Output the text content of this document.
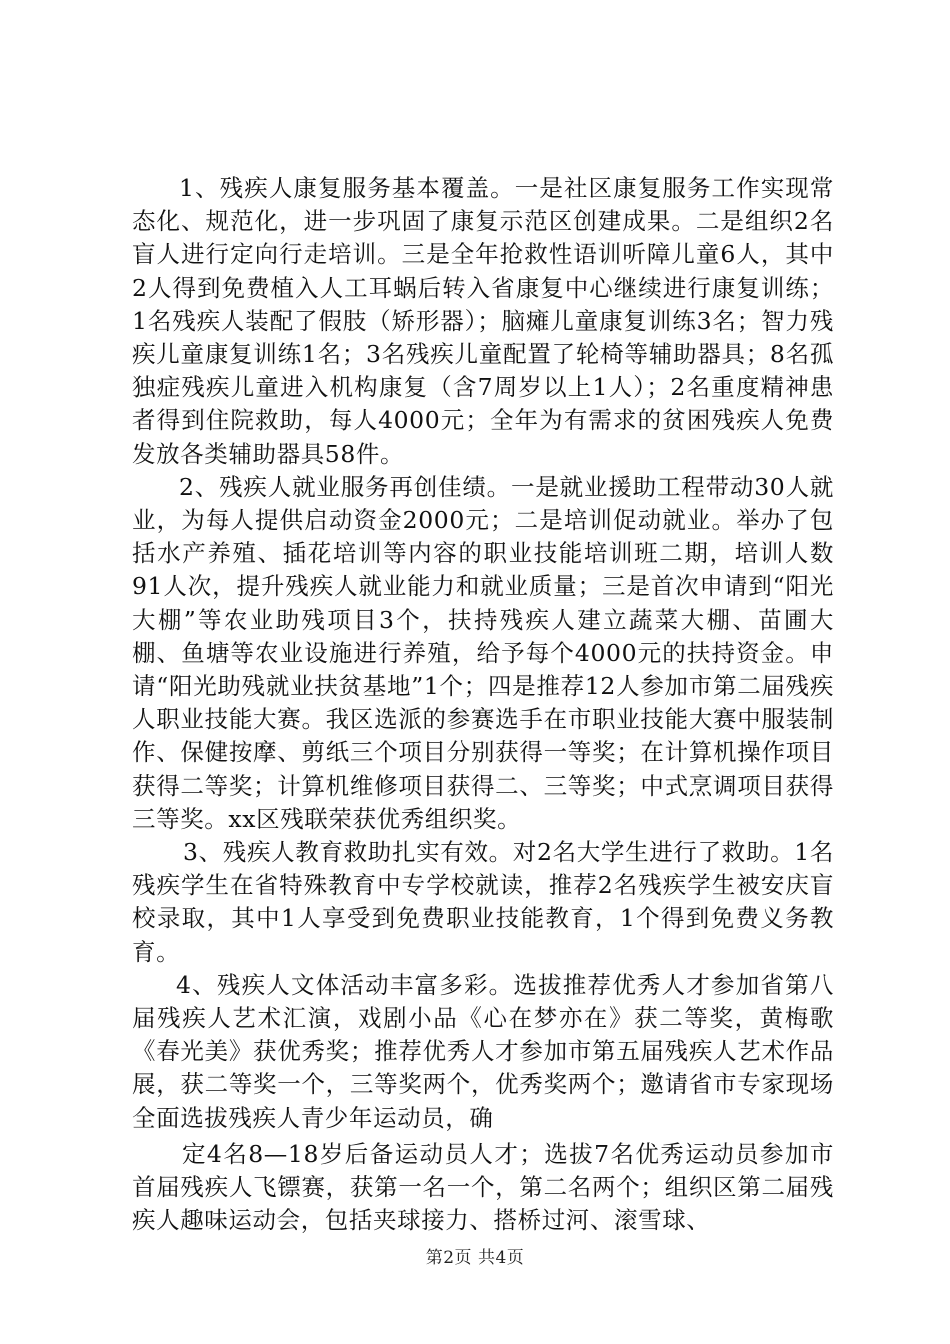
1、残疾人康复服务基本覆盖。一是社区康复服务工作实现常态化、规范化，进一步巩固了康复示范区创建成果。二是组织2名盲人进行定向行走培训。三是全年抢救性语训听障儿童6人，其中2人得到免费植入人工耳蜗后转入省康复中心继续进行康复训练；1名残疾人装配了假肢（矫形器）；脑瘫儿童康复训练3名；智力残疾儿童康复训练1名；3名残疾儿童配置了轮椅等辅助器具；8名孤独症残疾儿童进入机构康复（含7周岁以上1人）；2名重度精神患者得到住院救助，每人4000元；全年为有需求的贫困残疾人免费发放各类辅助器具58件。

2、残疾人就业服务再创佳绩。一是就业援助工程带动30人就业，为每人提供启动资金2000元；二是培训促动就业。举办了包括水产养殖、插花培训等内容的职业技能培训班二期，培训人数91人次，提升残疾人就业能力和就业质量；三是首次申请到“阳光大棚”等农业助残项目3个，扶持残疾人建立蔬菜大棚、苗圃大棚、鱼塘等农业设施进行养殖，给予每个4000元的扶持资金。申请“阳光助残就业扶贫基地”1个；四是推荐12人参加市第二届残疾人职业技能大赛。我区选派的参赛选手在市职业技能大赛中服装制作、保健按摩、剪纸三个项目分别获得一等奖；在计算机操作项目获得二等奖；计算机维修项目获得二、三等奖；中式烹调项目获得三等奖。xx区残联荣获优秀组织奖。

3、残疾人教育救助扎实有效。对2名大学生进行了救助。1名残疾学生在省特殊教育中专学校就读，推荐2名残疾学生被安庆盲校录取，其中1人享受到免费职业技能教育，1个得到免费义务教育。

4、残疾人文体活动丰富多彩。选拔推荐优秀人才参加省第八届残疾人艺术汇演，戏剧小品《心在梦亦在》获二等奖，黄梅歌《春光美》获优秀奖；推荐优秀人才参加市第五届残疾人艺术作品展，获二等奖一个，三等奖两个，优秀奖两个；邀请省市专家现场全面选拔残疾人青少年运动员，确

定4名8—18岁后备运动员人才；选拔7名优秀运动员参加市首届残疾人飞镖赛，获第一名一个，第二名两个；组织区第二届残疾人趣味运动会，包括夹球接力、搭桥过河、滚雪球、

第2页 共4页
